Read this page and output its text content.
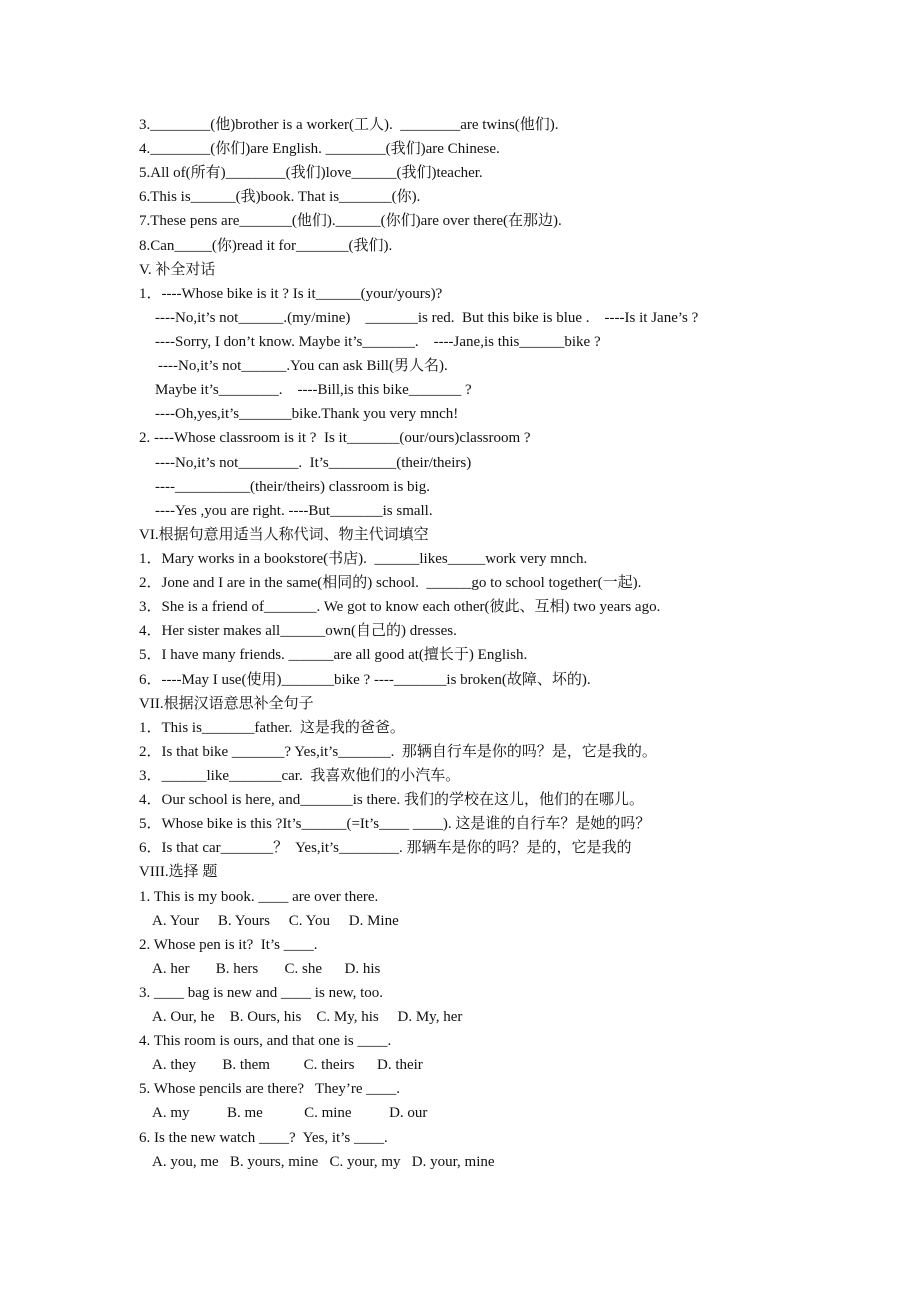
3.________(他)brother is a worker(工人).  ________are twins(他们).
4.________(你们)are English. ________(我们)are Chinese.
5.All of(所有)________(我们)love______(我们)teacher.
6.This is______(我)book. That is_______(你).
7.These pens are_______(他们).______(你们)are over there(在那边).
8.Can_____(你)read it for_______(我们).
V. 补全对话
1．----Whose bike is it ? Is it______(your/yours)?
----No,it’s not______.(my/mine)    _______is red.  But this bike is blue .    ----Is it Jane’s ?
----Sorry, I don’t know. Maybe it’s_______.    ----Jane,is this______bike ?
----No,it’s not______.You can ask Bill(男人名).
Maybe it’s________.    ----Bill,is this bike_______ ?
----Oh,yes,it’s_______bike.Thank you very mnch!
2. ----Whose classroom is it ?  Is it_______(our/ours)classroom ?
----No,it’s not________.  It’s_________(their/theirs)
----__________(their/theirs) classroom is big.
----Yes ,you are right. ----But_______is small.
VI.根据句意用适当人称代词、物主代词填空
1．Mary works in a bookstore(书店).  ______likes_____work very mnch.
2．Jone and I are in the same(相同的) school.  ______go to school together(一起).
3．She is a friend of_______. We got to know each other(彼此、互相) two years ago.
4．Her sister makes all______own(自己的) dresses.
5．I have many friends. ______are all good at(擅长于) English.
6．----May I use(使用)_______bike ? ----_______is broken(故障、坏的).
VII.根据汉语意思补全句子
1．This is_______father.  这是我的爸爸。
2．Is that bike _______? Yes,it’s_______.  那辆自行车是你的吗？是，它是我的。
3．______like_______car.  我喜欢他们的小汽车。
4．Our school is here, and_______is there. 我们的学校在这儿，他们的在哪儿。
5．Whose bike is this ?It’s______(=It’s____ ____). 这是谁的自行车？是她的吗？
6．Is that car_______？  Yes,it’s________. 那辆车是你的吗？是的，它是我的
VIII.选择 题
1. This is my book. ____ are over there.
A. Your     B. Yours     C. You     D. Mine
2. Whose pen is it?  It’s ____.
A. her       B. hers       C. she      D. his
3. ____ bag is new and ____ is new, too.
A. Our, he    B. Ours, his    C. My, his     D. My, her
4. This room is ours, and that one is ____.
A. they       B. them         C. theirs      D. their
5. Whose pencils are there?   They’re ____.
A. my          B. me           C. mine          D. our
6. Is the new watch ____?  Yes, it’s ____.
A. you, me   B. yours, mine   C. your, my   D. your, mine
